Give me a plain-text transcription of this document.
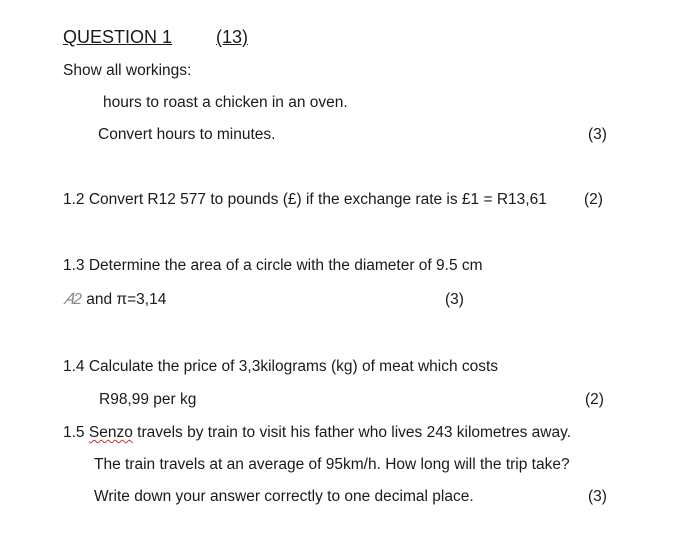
QUESTION 1 (13)
Show all workings:
hours to roast a chicken in an oven.
Convert hours to minutes.	(3)
1.2 Convert R12 577 to pounds (£) if the exchange rate is £1 = R13,61 (2)
1.3 Determine the area of a circle with the diameter of 9.5 cm
𝐴2 and π=3,14	(3)
1.4 Calculate the price of 3,3kilograms (kg) of meat which costs
R98,99 per kg	(2)
1.5 Senzo travels by train to visit his father who lives 243 kilometres away.
The train travels at an average of 95km/h. How long will the trip take?
Write down your answer correctly to one decimal place.	(3)
